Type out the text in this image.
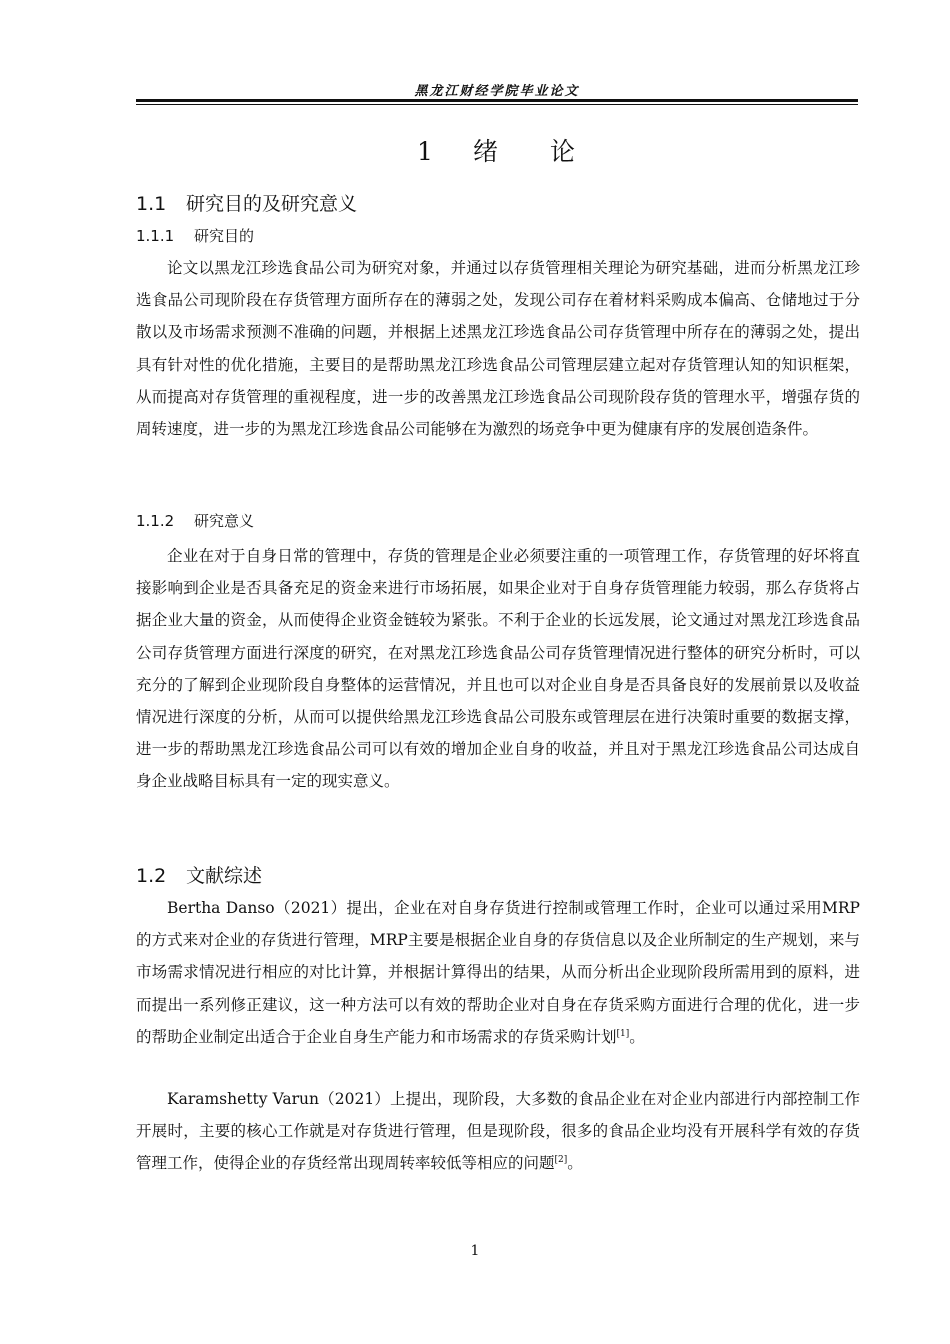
黑龙江财经学院毕业论文
1 绪 论
1.1 研究目的及研究意义
1.1.1 研究目的
论文以黑龙江珍选食品公司为研究对象，并通过以存货管理相关理论为研究基础，进而分析黑龙江珍选食品公司现阶段在存货管理方面所存在的薄弱之处，发现公司存在着材料采购成本偏高、仓储地过于分散以及市场需求预测不准确的问题，并根据上述黑龙江珍选食品公司存货管理中所存在的薄弱之处，提出具有针对性的优化措施，主要目的是帮助黑龙江珍选食品公司管理层建立起对存货管理认知的知识框架，从而提高对存货管理的重视程度，进一步的改善黑龙江珍选食品公司现阶段存货的管理水平，增强存货的周转速度，进一步的为黑龙江珍选食品公司能够在为激烈的场竞争中更为健康有序的发展创造条件。
1.1.2 研究意义
企业在对于自身日常的管理中，存货的管理是企业必须要注重的一项管理工作，存货管理的好坏将直接影响到企业是否具备充足的资金来进行市场拓展，如果企业对于自身存货管理能力较弱，那么存货将占据企业大量的资金，从而使得企业资金链较为紧张。不利于企业的长远发展，论文通过对黑龙江珍选食品公司存货管理方面进行深度的研究，在对黑龙江珍选食品公司存货管理情况进行整体的研究分析时，可以充分的了解到企业现阶段自身整体的运营情况，并且也可以对企业自身是否具备良好的发展前景以及收益情况进行深度的分析，从而可以提供给黑龙江珍选食品公司股东或管理层在进行决策时重要的数据支撑，进一步的帮助黑龙江珍选食品公司可以有效的增加企业自身的收益，并且对于黑龙江珍选食品公司达成自身企业战略目标具有一定的现实意义。
1.2 文献综述
Bertha Danso（2021）提出，企业在对自身存货进行控制或管理工作时，企业可以通过采用MRP的方式来对企业的存货进行管理，MRP主要是根据企业自身的存货信息以及企业所制定的生产规划，来与市场需求情况进行相应的对比计算，并根据计算得出的结果，从而分析出企业现阶段所需用到的原料，进而提出一系列修正建议，这一种方法可以有效的帮助企业对自身在存货采购方面进行合理的优化，进一步的帮助企业制定出适合于企业自身生产能力和市场需求的存货采购计划[1]。
Karamshetty Varun（2021）上提出，现阶段，大多数的食品企业在对企业内部进行内部控制工作开展时，主要的核心工作就是对存货进行管理，但是现阶段，很多的食品企业均没有开展科学有效的存货管理工作，使得企业的存货经常出现周转率较低等相应的问题[2]。
1
